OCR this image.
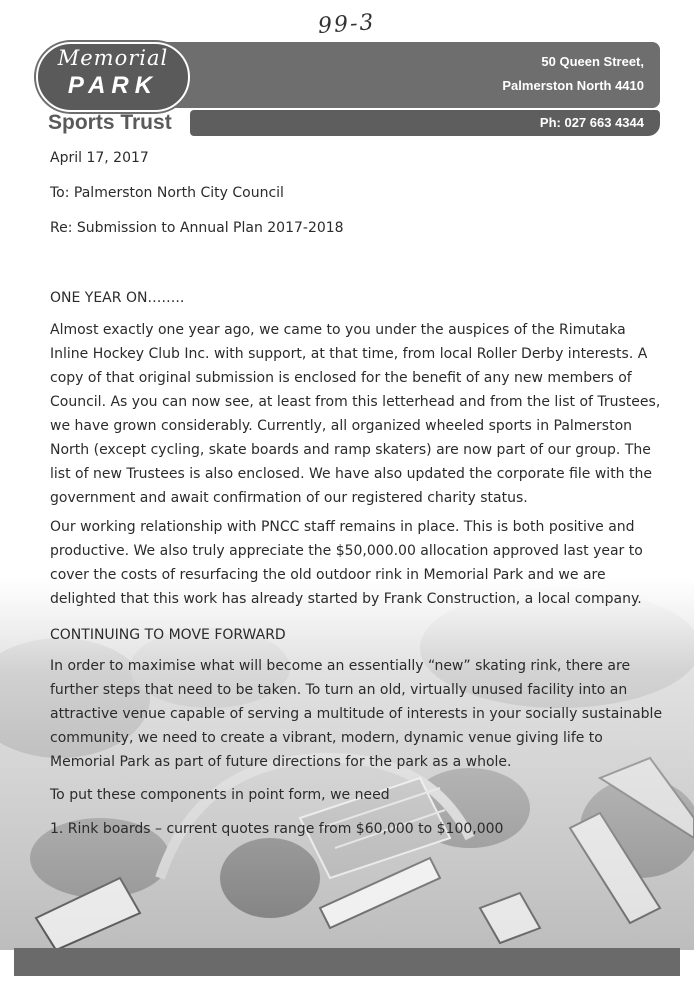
99-3
Memorial
PARK
Sports Trust
50 Queen Street,
Palmerston North 4410
Ph: 027 663 4344
April 17, 2017
To: Palmerston North City Council
Re: Submission to Annual Plan 2017-2018
ONE YEAR ON……..

Almost exactly one year ago, we came to you under the auspices of the Rimutaka

Inline Hockey Club Inc. with support, at that time, from local Roller Derby interests. A

copy of that original submission is enclosed for the benefit of any new members of

Council. As you can now see, at least from this letterhead and from the list of Trustees,

we have grown considerably. Currently, all organized wheeled sports in Palmerston

North (except cycling, skate boards and ramp skaters) are now part of our group. The

list of new Trustees is also enclosed. We have also updated the corporate file with the

government and await confirmation of our registered charity status.

Our working relationship with PNCC staff remains in place. This is both positive and

productive. We also truly appreciate the $50,000.00 allocation approved last year to

cover the costs of resurfacing the old outdoor rink in Memorial Park and we are

delighted that this work has already started by Frank Construction, a local company.

CONTINUING TO MOVE FORWARD

In order to maximise what will become an essentially “new” skating rink, there are

further steps that need to be taken. To turn an old, virtually unused facility into an

attractive venue capable of serving a multitude of interests in your socially sustainable

community, we need to create a vibrant, modern, dynamic venue giving life to

Memorial Park as part of future directions for the park as a whole.

To put these components in point form, we need
1. Rink boards – current quotes range from $60,000 to $100,000
